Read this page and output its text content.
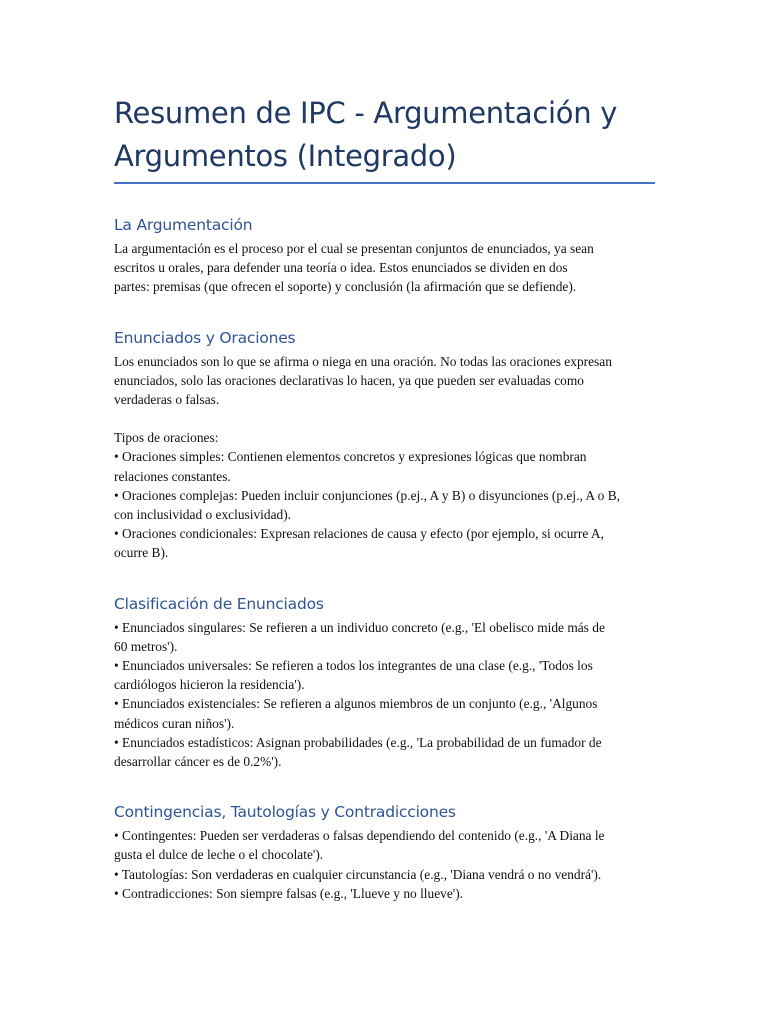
Resumen de IPC - Argumentación y
Argumentos (Integrado)
La Argumentación

La argumentación es el proceso por el cual se presentan conjuntos de enunciados, ya sean
escritos u orales, para defender una teoría o idea. Estos enunciados se dividen en dos
partes: premisas (que ofrecen el soporte) y conclusión (la afirmación que se defiende).

Enunciados y Oraciones

Los enunciados son lo que se afirma o niega en una oración. No todas las oraciones expresan
enunciados, solo las oraciones declarativas lo hacen, ya que pueden ser evaluadas como
verdaderas o falsas.

Tipos de oraciones:
• Oraciones simples: Contienen elementos concretos y expresiones lógicas que nombran
relaciones constantes.
• Oraciones complejas: Pueden incluir conjunciones (p.ej., A y B) o disyunciones (p.ej., A o B,
con inclusividad o exclusividad).
• Oraciones condicionales: Expresan relaciones de causa y efecto (por ejemplo, si ocurre A,
ocurre B).

Clasificación de Enunciados

• Enunciados singulares: Se refieren a un individuo concreto (e.g., 'El obelisco mide más de
60 metros').
• Enunciados universales: Se refieren a todos los integrantes de una clase (e.g., 'Todos los
cardiólogos hicieron la residencia').
• Enunciados existenciales: Se refieren a algunos miembros de un conjunto (e.g., 'Algunos
médicos curan niños').
• Enunciados estadísticos: Asignan probabilidades (e.g., 'La probabilidad de un fumador de
desarrollar cáncer es de 0.2%').

Contingencias, Tautologías y Contradicciones

• Contingentes: Pueden ser verdaderas o falsas dependiendo del contenido (e.g., 'A Diana le
gusta el dulce de leche o el chocolate').
• Tautologías: Son verdaderas en cualquier circunstancia (e.g., 'Diana vendrá o no vendrá').
• Contradicciones: Son siempre falsas (e.g., 'Llueve y no llueve').
